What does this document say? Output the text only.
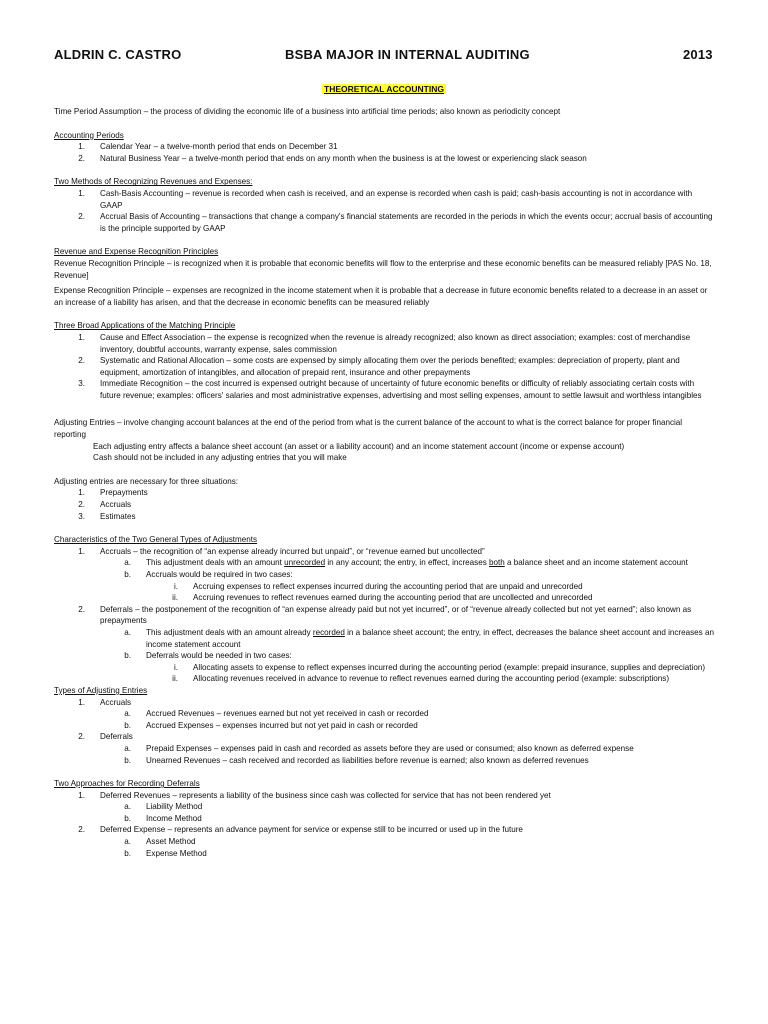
ALDRIN C. CASTRO	BSBA MAJOR IN INTERNAL AUDITING	2013
THEORETICAL ACCOUNTING

Time Period Assumption – the process of dividing the economic life of a business into artificial time periods; also known as periodicity concept

Accounting Periods

1.	Calendar Year – a twelve-month period that ends on December 31
2.	Natural Business Year – a twelve-month period that ends on any month when the business is at the lowest or experiencing slack season

Two Methods of Recognizing Revenues and Expenses:

1.	Cash-Basis Accounting – revenue is recorded when cash is received, and an expense is recorded when cash is paid; cash-basis accounting is not in accordance with GAAP
2.	Accrual Basis of Accounting – transactions that change a company's financial statements are recorded in the periods in which the events occur; accrual basis of accounting is the principle supported by GAAP

Revenue and Expense Recognition Principles

Revenue Recognition Principle – is recognized when it is probable that economic benefits will flow to the enterprise and these economic benefits can be measured reliably [PAS No. 18, Revenue]

Expense Recognition Principle – expenses are recognized in the income statement when it is probable that a decrease in future economic benefits related to a decrease in an asset or an increase of a liability has arisen, and that the decrease in economic benefits can be measured reliably

Three Broad Applications of the Matching Principle

1.	Cause and Effect Association – the expense is recognized when the revenue is already recognized; also known as direct association; examples: cost of merchandise inventory, doubtful accounts, warranty expense, sales commission
2.	Systematic and Rational Allocation – some costs are expensed by simply allocating them over the periods benefited; examples: depreciation of property, plant and equipment, amortization of intangibles, and allocation of prepaid rent, insurance and other prepayments
3.	Immediate Recognition – the cost incurred is expensed outright because of uncertainty of future economic benefits or difficulty of reliably associating certain costs with future revenue; examples: officers' salaries and most administrative expenses, advertising and most selling expenses, amount to settle lawsuit and worthless intangibles

Adjusting Entries – involve changing account balances at the end of the period from what is the current balance of the account to what is the correct balance for proper financial reporting

Each adjusting entry affects a balance sheet account (an asset or a liability account) and an income statement account (income or expense account)
Cash should not be included in any adjusting entries that you will make

Adjusting entries are necessary for three situations:

1.	Prepayments
2.	Accruals
3.	Estimates

Characteristics of the Two General Types of Adjustments

1.	Accruals – the recognition of “an expense already incurred but unpaid”, or “revenue earned but uncollected”
a.	This adjustment deals with an amount unrecorded in any account; the entry, in effect, increases both a balance sheet and an income statement account
b.	Accruals would be required in two cases:
i.	Accruing expenses to reflect expenses incurred during the accounting period that are unpaid and unrecorded
ii.	Accruing revenues to reflect revenues earned during the accounting period that are uncollected and unrecorded
2.	Deferrals – the postponement of the recognition of “an expense already paid but not yet incurred”, or of “revenue already collected but not yet earned”; also known as prepayments
a.	This adjustment deals with an amount already recorded in a balance sheet account; the entry, in effect, decreases the balance sheet account and increases an income statement account
b.	Deferrals would be needed in two cases:
i.	Allocating assets to expense to reflect expenses incurred during the accounting period (example: prepaid insurance, supplies and depreciation)
ii.	Allocating revenues received in advance to revenue to reflect revenues earned during the accounting period (example: subscriptions)

Types of Adjusting Entries

1.	Accruals
a.	Accrued Revenues – revenues earned but not yet received in cash or recorded
b.	Accrued Expenses – expenses incurred but not yet paid in cash or recorded
2.	Deferrals
a.	Prepaid Expenses – expenses paid in cash and recorded as assets before they are used or consumed; also known as deferred expense
b.	Unearned Revenues – cash received and recorded as liabilities before revenue is earned; also known as deferred revenues

Two Approaches for Recording Deferrals

1.	Deferred Revenues – represents a liability of the business since cash was collected for service that has not been rendered yet
a.	Liability Method
b.	Income Method
2.	Deferred Expense – represents an advance payment for service or expense still to be incurred or used up in the future
a.	Asset Method
b.	Expense Method
